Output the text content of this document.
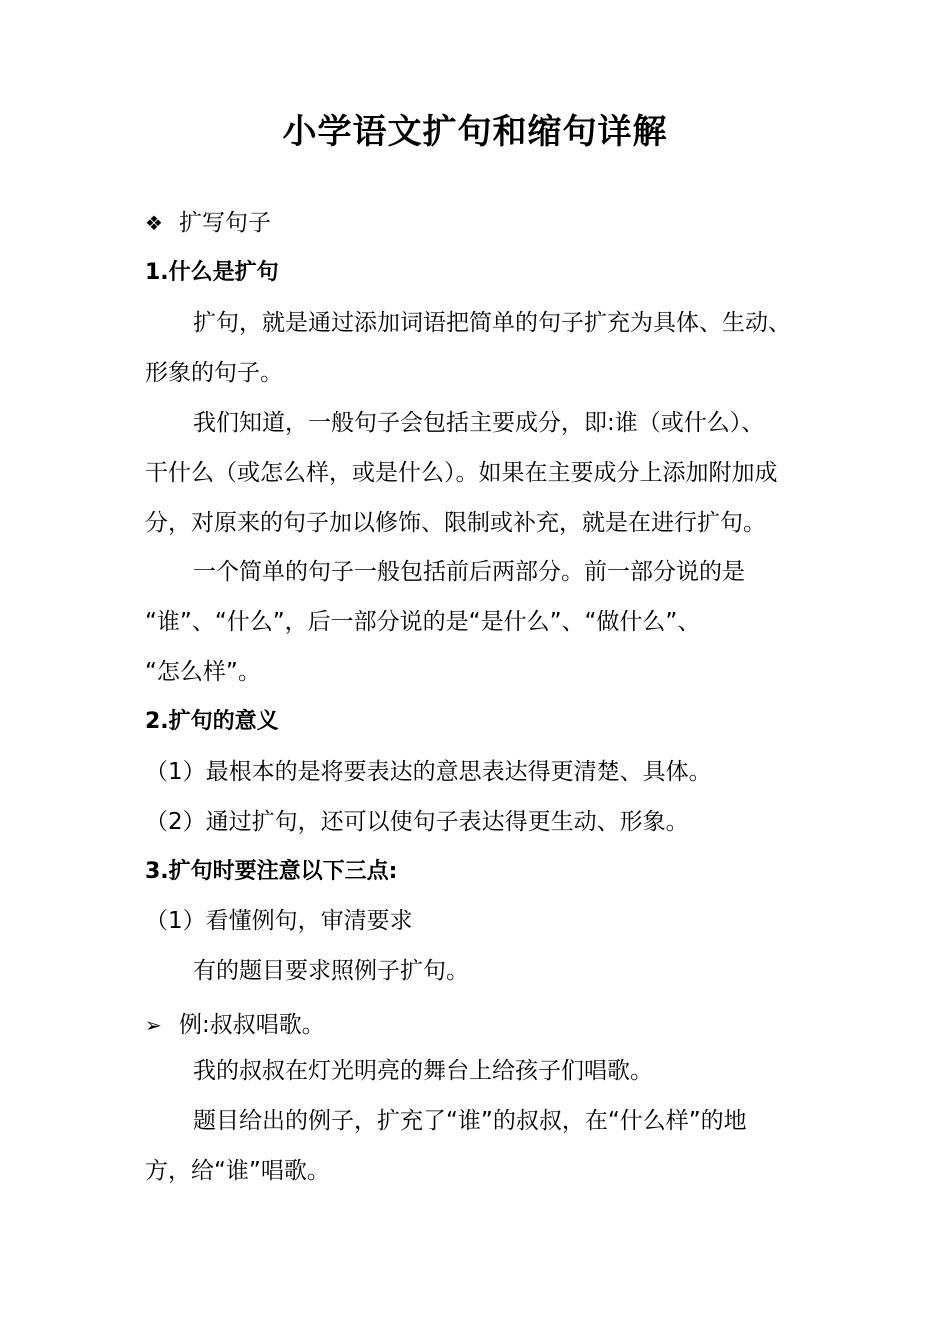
小学语文扩句和缩句详解
❖ 扩写句子
1.什么是扩句
扩句，就是通过添加词语把简单的句子扩充为具体、生动、
形象的句子。
我们知道，一般句子会包括主要成分，即:谁（或什么）、
干什么（或怎么样，或是什么）。如果在主要成分上添加附加成
分，对原来的句子加以修饰、限制或补充，就是在进行扩句。
一个简单的句子一般包括前后两部分。前一部分说的是
“谁”、“什么”，后一部分说的是“是什么”、“做什么”、
“怎么样”。
2.扩句的意义
（1）最根本的是将要表达的意思表达得更清楚、具体。
（2）通过扩句，还可以使句子表达得更生动、形象。
3.扩句时要注意以下三点:
（1）看懂例句，审清要求
有的题目要求照例子扩句。
➢ 例:叔叔唱歌。
我的叔叔在灯光明亮的舞台上给孩子们唱歌。
题目给出的例子，扩充了“谁”的叔叔，在“什么样”的地
方，给“谁”唱歌。
